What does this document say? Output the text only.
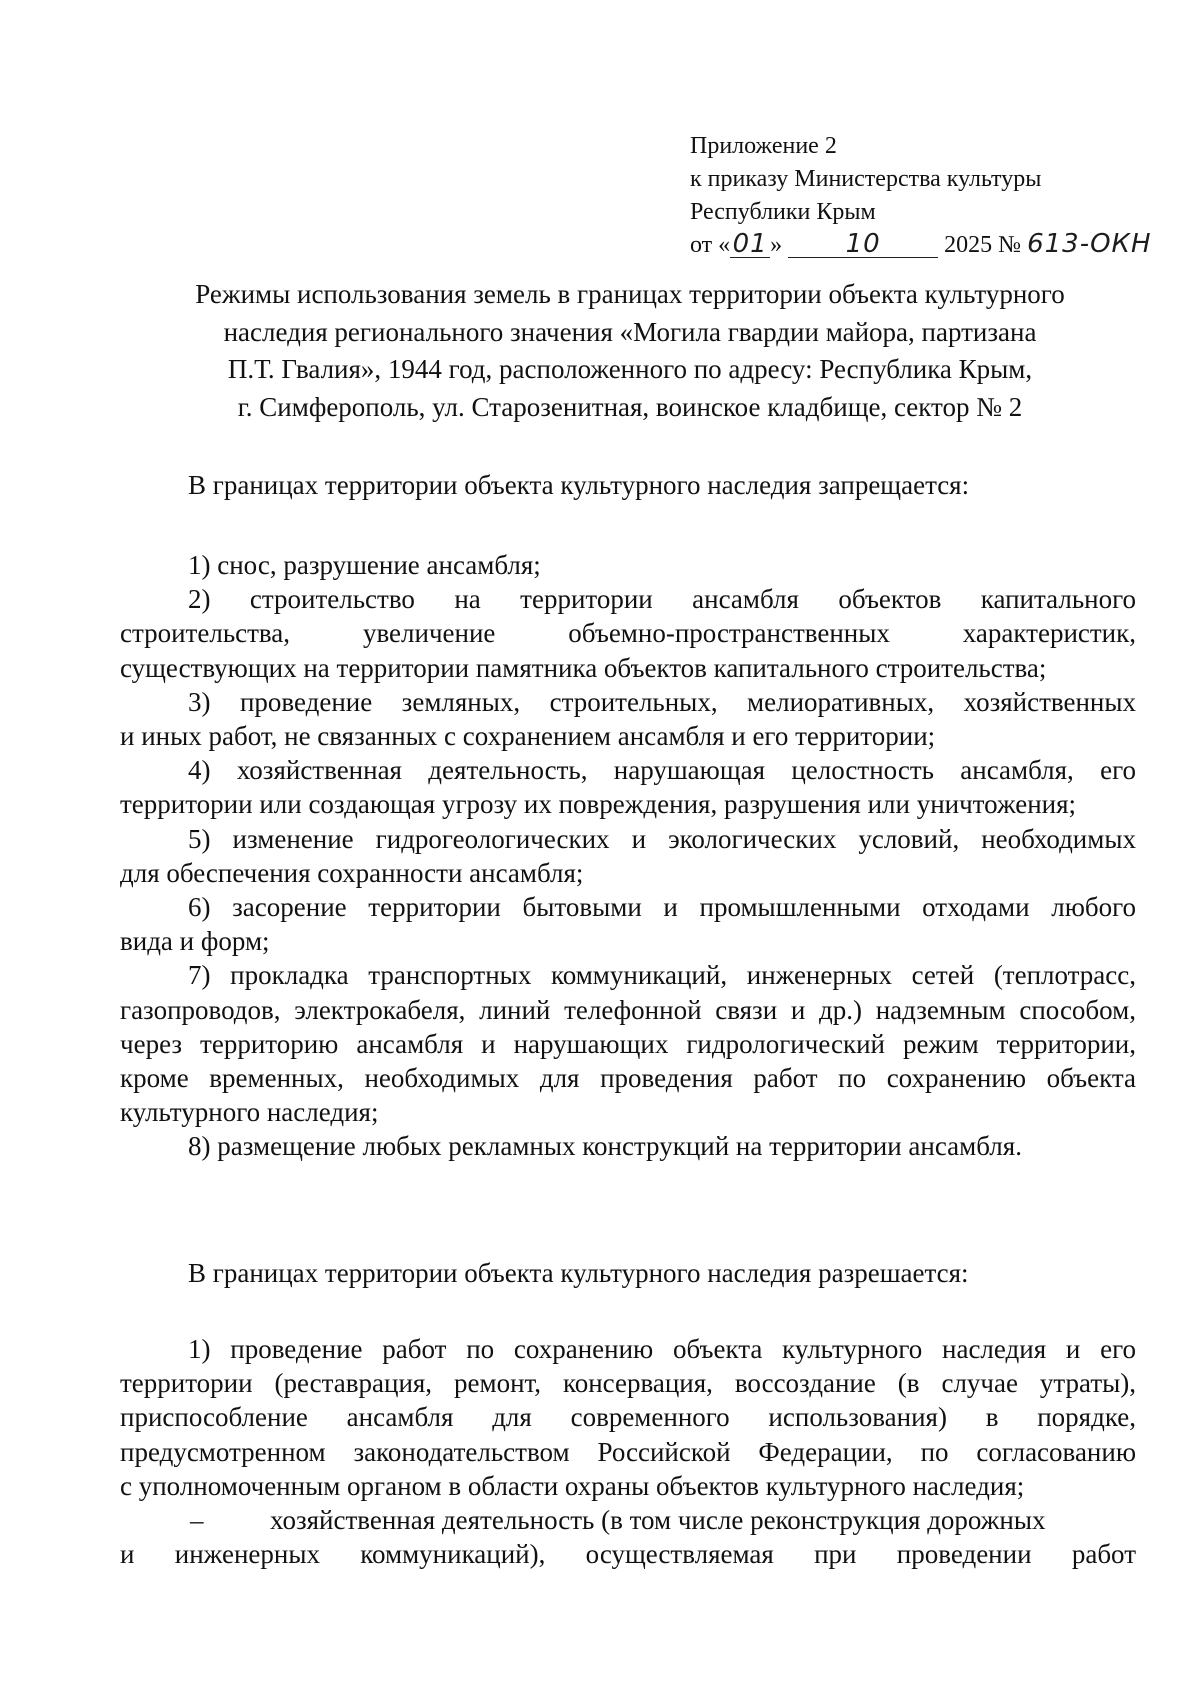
Приложение 2
к приказу Министерства культуры
Республики Крым
от «01 » 10	2025 № 613-ОКН
Режимы использования земель в границах территории объекта культурного
наследия регионального значения «Могила гвардии майора, партизана
П.Т. Гвалия», 1944 год, расположенного по адресу: Республика Крым,
г. Симферополь, ул. Старозенитная, воинское кладбище, сектор № 2
В границах территории объекта культурного наследия запрещается:
1) снос, разрушение ансамбля;
2) строительство на территории ансамбля объектов капитального
строительства, увеличение объемно-пространственных характеристик,
существующих на территории памятника объектов капитального строительства;
3) проведение земляных, строительных, мелиоративных, хозяйственных
и иных работ, не связанных с сохранением ансамбля и его территории;
4) хозяйственная деятельность, нарушающая целостность ансамбля, его
территории или создающая угрозу их повреждения, разрушения или уничтожения;
5) изменение гидрогеологических и экологических условий, необходимых
для обеспечения сохранности ансамбля;
6) засорение территории бытовыми и промышленными отходами любого
вида и форм;
7) прокладка транспортных коммуникаций, инженерных сетей (теплотрасс,
газопроводов, электрокабеля, линий телефонной связи и др.) надземным способом,
через территорию ансамбля и нарушающих гидрологический режим территории,
кроме временных, необходимых для проведения работ по сохранению объекта
культурного наследия;
8) размещение любых рекламных конструкций на территории ансамбля.
В границах территории объекта культурного наследия разрешается:
1) проведение работ по сохранению объекта культурного наследия и его
территории (реставрация, ремонт, консервация, воссоздание (в случае утраты),
приспособление ансамбля для современного использования) в порядке,
предусмотренном законодательством Российской Федерации, по согласованию
с уполномоченным органом в области охраны объектов культурного наследия;
– хозяйственная деятельность (в том числе реконструкция дорожных
и инженерных коммуникаций), осуществляемая при проведении работ
